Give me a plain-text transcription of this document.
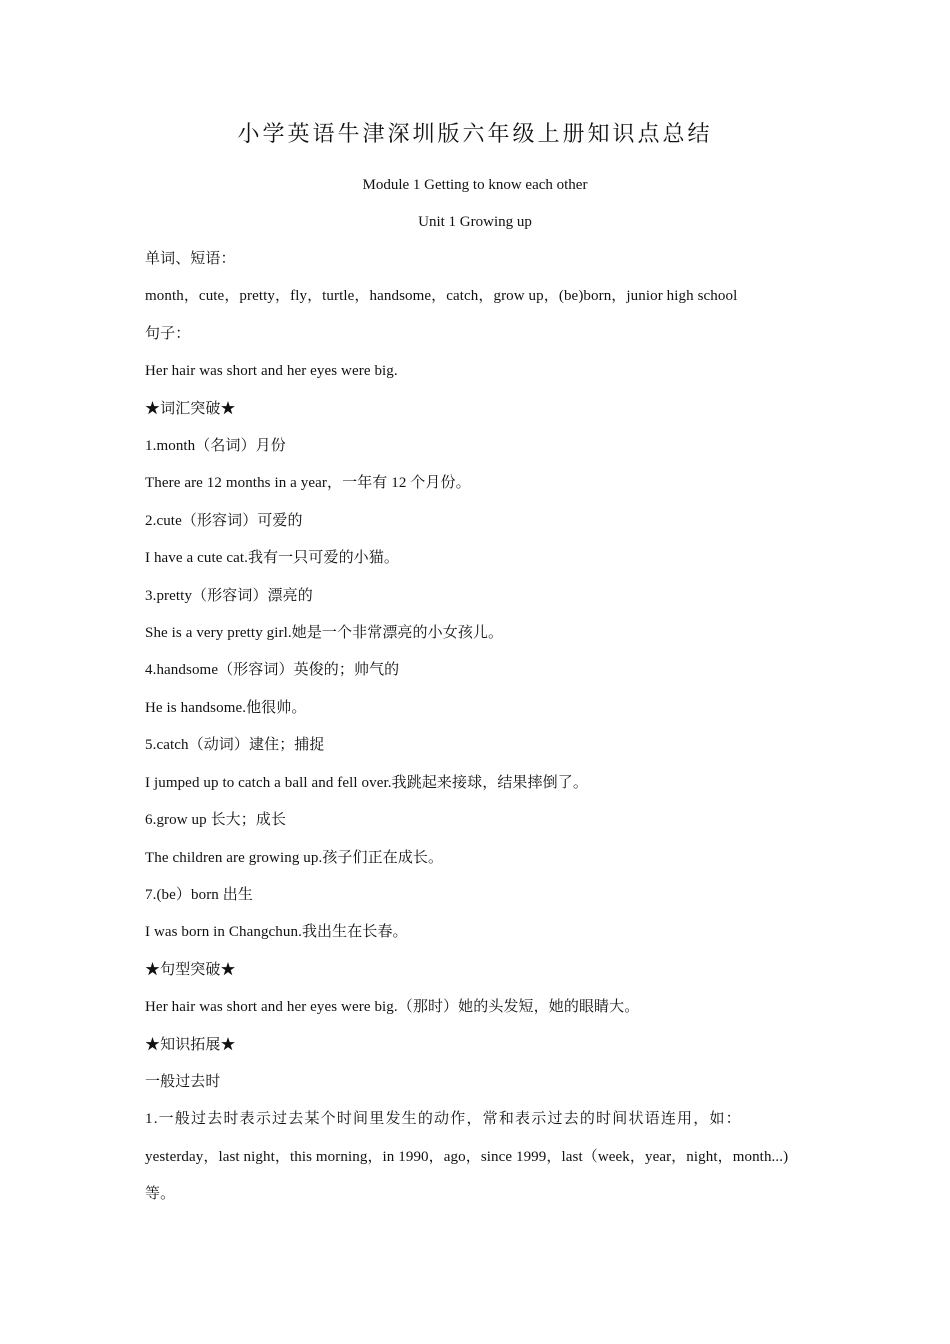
小学英语牛津深圳版六年级上册知识点总结
Module 1 Getting to know each other
Unit 1 Growing up
单词、短语：
month，cute，pretty，fly，turtle，handsome，catch，grow up，(be)born，junior high school
句子：
Her hair was short and her eyes were big.
★词汇突破★
1.month（名词）月份
There are 12 months in a year，一年有 12 个月份。
2.cute（形容词）可爱的
I have a cute cat.我有一只可爱的小猫。
3.pretty（形容词）漂亮的
She is a very pretty girl.她是一个非常漂亮的小女孩儿。
4.handsome（形容词）英俊的；帅气的
He is handsome.他很帅。
5.catch（动词）逮住；捕捉
I jumped up to catch a ball and fell over.我跳起来接球，结果摔倒了。
6.grow up 长大；成长
The children are growing up.孩子们正在成长。
7.(be）born 出生
I was born in Changchun.我出生在长春。
★句型突破★
Her hair was short and her eyes were big.（那时）她的头发短，她的眼睛大。
★知识拓展★
一般过去时
1.一般过去时表示过去某个时间里发生的动作，常和表示过去的时间状语连用，如：
yesterday，last night，this morning，in 1990，ago，since 1999，last（week，year，night，month...)
等。
